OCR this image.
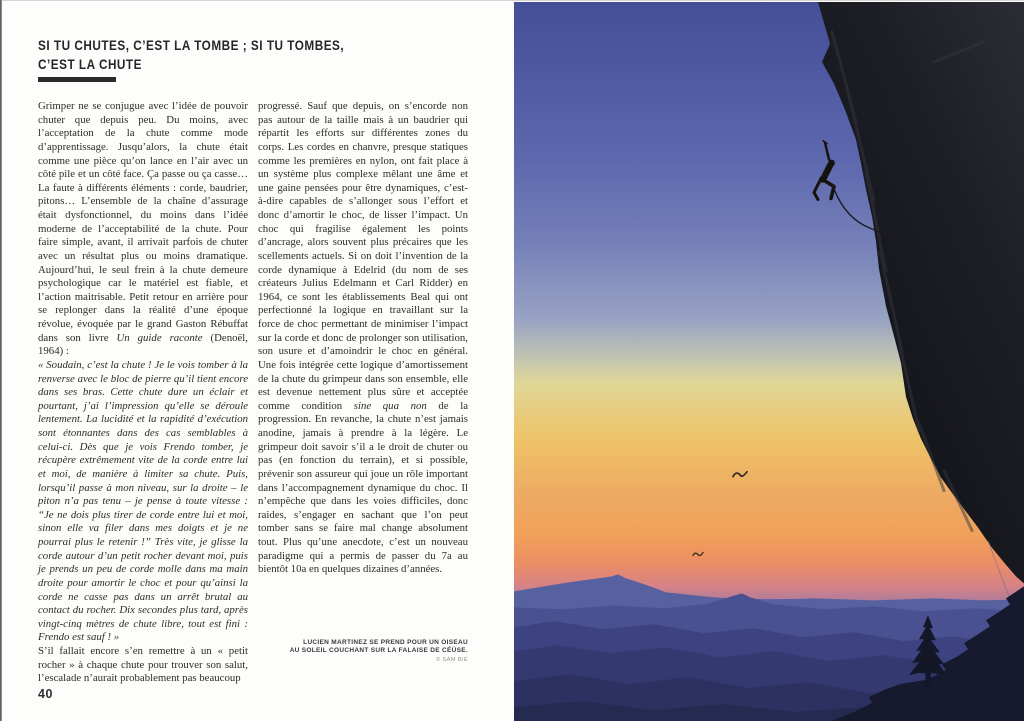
SI TU CHUTES, C’EST LA TOMBE ; SI TU TOMBES,
C’EST LA CHUTE

Grimper ne se conjugue avec l’idée de pouvoir chuter que depuis peu. Du moins, avec l’acceptation de la chute comme mode d’apprentissage. Jusqu’alors, la chute était comme une pièce qu’on lance en l’air avec un côté pile et un côté face. Ça passe ou ça casse… La faute à différents éléments : corde, baudrier, pitons… L’ensemble de la chaîne d’assurage était dysfonctionnel, du moins dans l’idée moderne de l’acceptabilité de la chute. Pour faire simple, avant, il arrivait parfois de chuter avec un résultat plus ou moins dramatique. Aujourd’hui, le seul frein à la chute demeure psychologique car le matériel est fiable, et l’action maitrisable. Petit retour en arrière pour se replonger dans la réalité d’une époque révolue, évoquée par le grand Gaston Rébuffat dans son livre Un guide raconte (Denoël, 1964) :
« Soudain, c’est la chute ! Je le vois tomber à la renverse avec le bloc de pierre qu’il tient encore dans ses bras. Cette chute dure un éclair et pourtant, j’ai l’impression qu’elle se déroule lentement. La lucidité et la rapidité d’exécution sont étonnantes dans des cas semblables à celui-ci. Dès que je vois Frendo tomber, je récupère extrêmement vite de la corde entre lui et moi, de manière à limiter sa chute. Puis, lorsqu’il passe à mon niveau, sur la droite – le piton n’a pas tenu – je pense à toute vitesse : “Je ne dois plus tirer de corde entre lui et moi, sinon elle va filer dans mes doigts et je ne pourrai plus le retenir !” Très vite, je glisse la corde autour d’un petit rocher devant moi, puis je prends un peu de corde molle dans ma main droite pour amortir le choc et pour qu’ainsi la corde ne casse pas dans un arrêt brutal au contact du rocher. Dix secondes plus tard, après vingt-cinq mètres de chute libre, tout est fini : Frendo est sauf ! »
S’il fallait encore s’en remettre à un « petit rocher » à chaque chute pour trouver son salut, l’escalade n’aurait probablement pas beaucoup

progressé. Sauf que depuis, on s’encorde non pas autour de la taille mais à un baudrier qui répartit les efforts sur différentes zones du corps. Les cordes en chanvre, presque statiques comme les premières en nylon, ont fait place à un système plus complexe mêlant une âme et une gaine pensées pour être dynamiques, c’est-à-dire capables de s’allonger sous l’effort et donc d’amortir le choc, de lisser l’impact. Un choc qui fragilise également les points d’ancrage, alors souvent plus précaires que les scellements actuels. Si on doit l’invention de la corde dynamique à Edelrid (du nom de ses créateurs Julius Edelmann et Carl Ridder) en 1964, ce sont les établissements Beal qui ont perfectionné la logique en travaillant sur la force de choc permettant de minimiser l’impact sur la corde et donc de prolonger son utilisation, son usure et d’amoindrir le choc en général. Une fois intégrée cette logique d’amortissement de la chute du grimpeur dans son ensemble, elle est devenue nettement plus sûre et acceptée comme condition sine qua non de la progression. En revanche, la chute n’est jamais anodine, jamais à prendre à la légère. Le grimpeur doit savoir s’il a le droit de chuter ou pas (en fonction du terrain), et si possible, prévenir son assureur qui joue un rôle important dans l’accompagnement dynamique du choc. Il n’empêche que dans les voies difficiles, donc raides, s’engager en sachant que l’on peut tomber sans se faire mal change absolument tout. Plus qu’une anecdote, c’est un nouveau paradigme qui a permis de passer du 7a au bientôt 10a en quelques dizaines d’années.

LUCIEN MARTINEZ SE PREND POUR UN OISEAU
AU SOLEIL COUCHANT SUR LA FALAISE DE CÉÜSE.
© SAM BIÉ
40
